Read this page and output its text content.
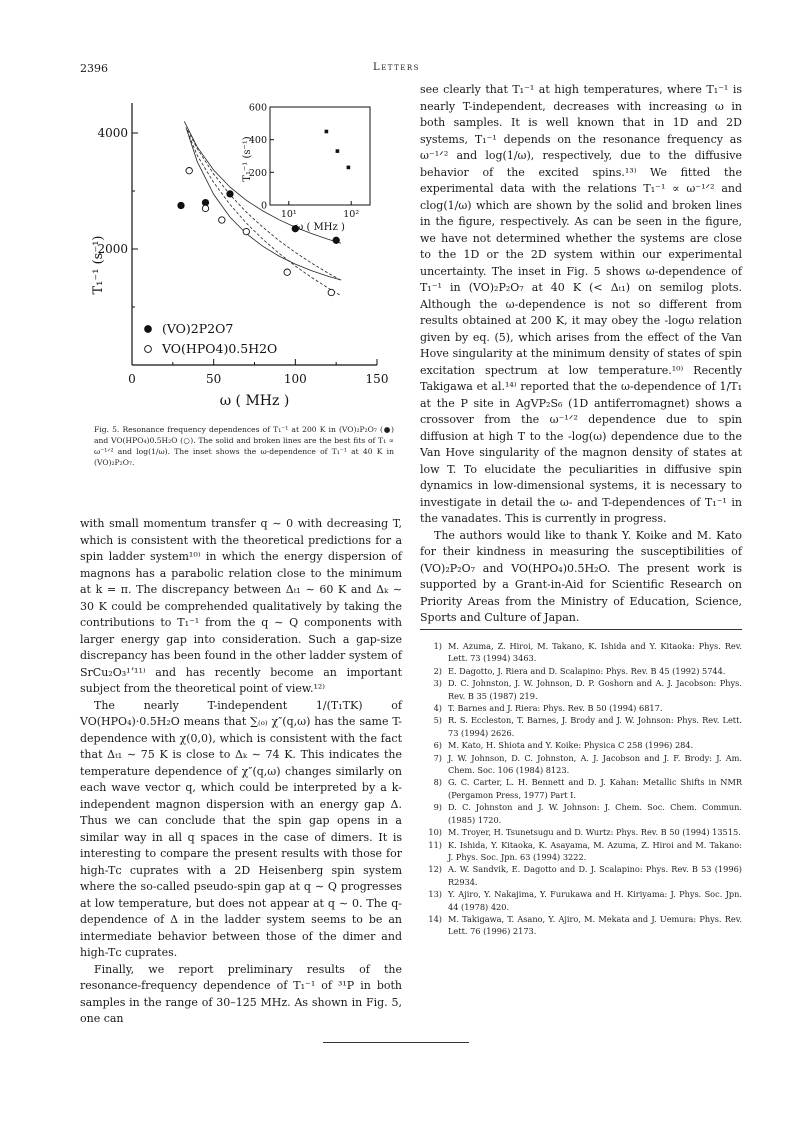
2396	Letters
0	50	100	150
2000
4000
T₁⁻¹ (s⁻¹)
ω ( MHz )
(VO)2P2O7
VO(HPO4)0.5H2O
0
200
400
600
10¹	10²
ω ( MHz )
T₁⁻¹ (s⁻¹)
Fig. 5. Resonance frequency dependences of T₁⁻¹ at 200 K in (VO)₂P₂O₇ (●) and VO(HPO₄)0.5H₂O (○). The solid and broken lines are the best fits of T₁ ∝ ω⁻¹ᐟ² and log(1/ω). The inset shows the ω-dependence of T₁⁻¹ at 40 K in (VO)₂P₂O₇.

with small momentum transfer q ∼ 0 with decreasing T, which is consistent with the theoretical predictions for a spin ladder system¹⁰⁾ in which the energy dispersion of magnons has a parabolic relation close to the minimum at k = π. The discrepancy between Δₜ₁ ∼ 60 K and Δₖ ∼ 30 K could be comprehended qualitatively by taking the contributions to T₁⁻¹ from the q ∼ Q components with larger energy gap into consideration. Such a gap-size discrepancy has been found in the other ladder system of SrCu₂O₃¹ʼ¹¹⁾ and has recently become an important subject from the theoretical point of view.¹²⁾

The nearly T-independent 1/(T₁TK) of VO(HPO₄)·0.5H₂O means that ∑₍ₒ₎ χ″(q,ω) has the same T-dependence with χ(0,0), which is consistent with the fact that Δₜ₁ ∼ 75 K is close to Δₖ ∼ 74 K. This indicates the temperature dependence of χ″(q,ω) changes similarly on each wave vector q, which could be interpreted by a k-independent magnon dispersion with an energy gap Δ. Thus we can conclude that the spin gap opens in a similar way in all q spaces in the case of dimers. It is interesting to compare the present results with those for high-Tᴄ cuprates with a 2D Heisenberg spin system where the so-called pseudo-spin gap at q ∼ Q progresses at low temperature, but does not appear at q ∼ 0. The q-dependence of Δ in the ladder system seems to be an intermediate behavior between those of the dimer and high-Tᴄ cuprates.

Finally, we report preliminary results of the resonance-frequency dependence of T₁⁻¹ of ³¹P in both samples in the range of 30–125 MHz. As shown in Fig. 5, one can

see clearly that T₁⁻¹ at high temperatures, where T₁⁻¹ is nearly T-independent, decreases with increasing ω in both samples. It is well known that in 1D and 2D systems, T₁⁻¹ depends on the resonance frequency as ω⁻¹ᐟ² and log(1/ω), respectively, due to the diffusive behavior of the excited spins.¹³⁾ We fitted the experimental data with the relations T₁⁻¹ ∝ ω⁻¹ᐟ² and clog(1/ω) which are shown by the solid and broken lines in the figure, respectively. As can be seen in the figure, we have not determined whether the systems are close to the 1D or the 2D system within our experimental uncertainty. The inset in Fig. 5 shows ω-dependence of T₁⁻¹ in (VO)₂P₂O₇ at 40 K (< Δₜ₁) on semilog plots. Although the ω-dependence is not so different from results obtained at 200 K, it may obey the -logω relation given by eq. (5), which arises from the effect of the Van Hove singularity at the minimum density of states of spin excitation spectrum at low temperature.¹⁰⁾ Recently Takigawa et al.¹⁴⁾ reported that the ω-dependence of 1/T₁ at the P site in AgVP₂S₆ (1D antiferromagnet) shows a crossover from the ω⁻¹ᐟ² dependence due to spin diffusion at high T to the -log(ω) dependence due to the Van Hove singularity of the magnon density of states at low T. To elucidate the peculiarities in diffusive spin dynamics in low-dimensional systems, it is necessary to investigate in detail the ω- and T-dependences of T₁⁻¹ in the vanadates. This is currently in progress.

The authors would like to thank Y. Koike and M. Kato for their kindness in measuring the susceptibilities of (VO)₂P₂O₇ and VO(HPO₄)0.5H₂O. The present work is supported by a Grant-in-Aid for Scientific Research on Priority Areas from the Ministry of Education, Science, Sports and Culture of Japan.

1) M. Azuma, Z. Hiroi, M. Takano, K. Ishida and Y. Kitaoka: Phys. Rev. Lett. 73 (1994) 3463.
2) E. Dagotto, J. Riera and D. Scalapino: Phys. Rev. B 45 (1992) 5744.
3) D. C. Johnston, J. W. Johnson, D. P. Goshorn and A. J. Jacobson: Phys. Rev. B 35 (1987) 219.
4) T. Barnes and J. Riera: Phys. Rev. B 50 (1994) 6817.
5) R. S. Eccleston, T. Barnes, J. Brody and J. W. Johnson: Phys. Rev. Lett. 73 (1994) 2626.
6) M. Kato, H. Shiota and Y. Koike: Physica C 258 (1996) 284.
7) J. W. Johnson, D. C. Johnston, A. J. Jacobson and J. F. Brody: J. Am. Chem. Soc. 106 (1984) 8123.
8) G. C. Carter, L. H. Bennett and D. J. Kahan: Metallic Shifts in NMR (Pergamon Press, 1977) Part I.
9) D. C. Johnston and J. W. Johnson: J. Chem. Soc. Chem. Commun. (1985) 1720.
10) M. Troyer, H. Tsunetsugu and D. Wurtz: Phys. Rev. B 50 (1994) 13515.
11) K. Ishida, Y. Kitaoka, K. Asayama, M. Azuma, Z. Hiroi and M. Takano: J. Phys. Soc. Jpn. 63 (1994) 3222.
12) A. W. Sandvik, E. Dagotto and D. J. Scalapino: Phys. Rev. B 53 (1996) R2934.
13) Y. Ajiro, Y. Nakajima, Y. Furukawa and H. Kiriyama: J. Phys. Soc. Jpn. 44 (1978) 420.
14) M. Takigawa, T. Asano, Y. Ajiro, M. Mekata and J. Uemura: Phys. Rev. Lett. 76 (1996) 2173.
